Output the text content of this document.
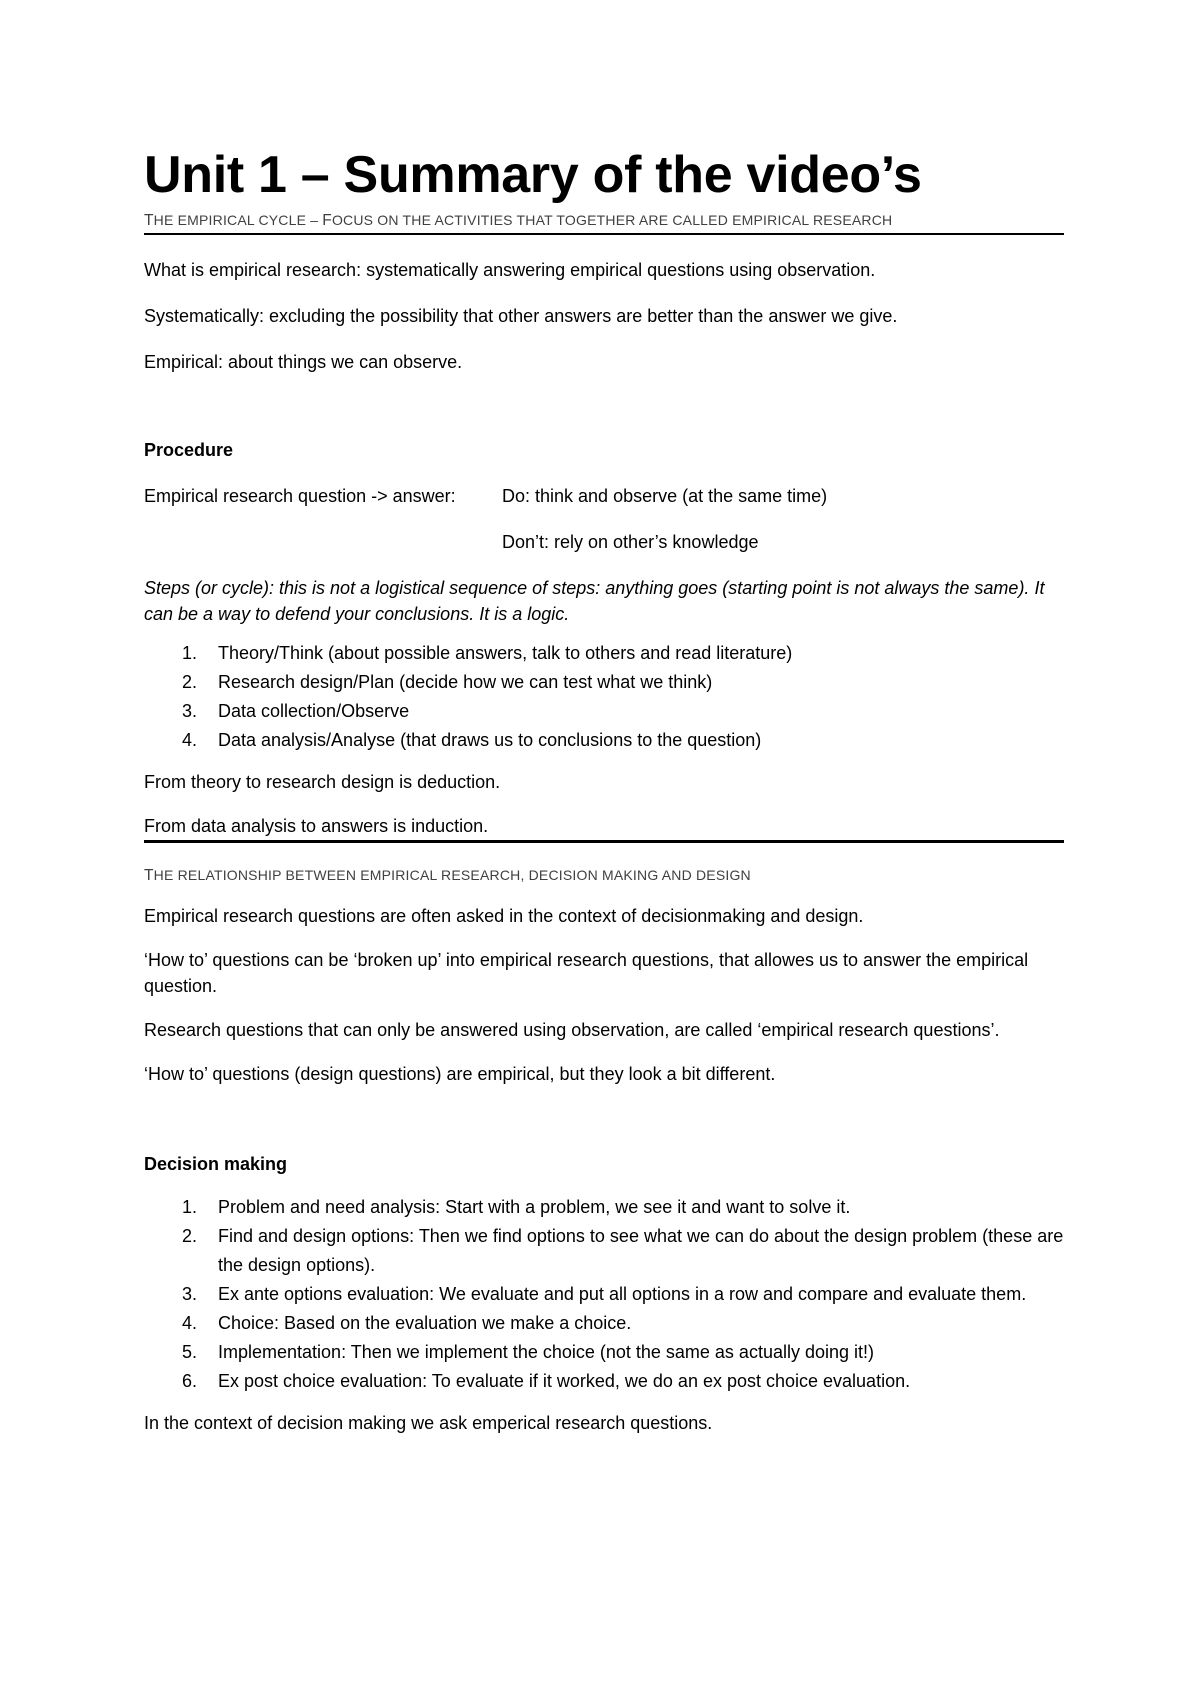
Unit 1 – Summary of the video’s
THE EMPIRICAL CYCLE – FOCUS ON THE ACTIVITIES THAT TOGETHER ARE CALLED EMPIRICAL RESEARCH

What is empirical research: systematically answering empirical questions using observation.

Systematically: excluding the possibility that other answers are better than the answer we give.

Empirical: about things we can observe.

Procedure

Empirical research question -> answer:	Do: think and observe (at the same time)
Don’t: rely on other’s knowledge

Steps (or cycle): this is not a logistical sequence of steps: anything goes (starting point is not always the same). It can be a way to defend your conclusions. It is a logic.

1. Theory/Think (about possible answers, talk to others and read literature)
2. Research design/Plan (decide how we can test what we think)
3. Data collection/Observe
4. Data analysis/Analyse (that draws us to conclusions to the question)

From theory to research design is deduction.

From data analysis to answers is induction.

THE RELATIONSHIP BETWEEN EMPIRICAL RESEARCH, DECISION MAKING AND DESIGN

Empirical research questions are often asked in the context of decisionmaking and design.

‘How to’ questions can be ‘broken up’ into empirical research questions, that allowes us to answer the empirical question.

Research questions that can only be answered using observation, are called ‘empirical research questions’.

‘How to’ questions (design questions) are empirical, but they look a bit different.

Decision making

1. Problem and need analysis: Start with a problem, we see it and want to solve it.
2. Find and design options: Then we find options to see what we can do about the design problem (these are the design options).
3. Ex ante options evaluation: We evaluate and put all options in a row and compare and evaluate them.
4. Choice: Based on the evaluation we make a choice.
5. Implementation: Then we implement the choice (not the same as actually doing it!)
6. Ex post choice evaluation: To evaluate if it worked, we do an ex post choice evaluation.

In the context of decision making we ask emperical research questions.
